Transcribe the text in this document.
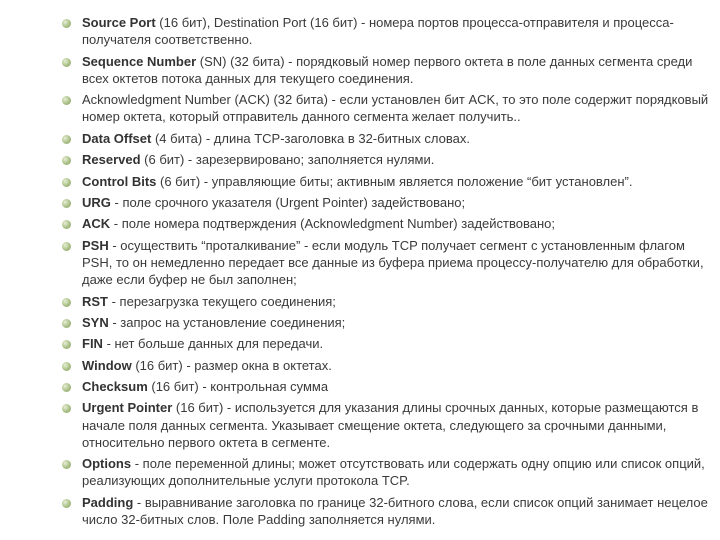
Source Port (16 бит), Destination Port (16 бит) - номера портов процесса-отправителя и процесса-получателя соответственно.
Sequence Number (SN) (32 бита) - порядковый номер первого октета в поле данных сегмента среди всех октетов потока данных для текущего соединения.
Acknowledgment Number (ACK) (32 бита) - если установлен бит ACK, то это поле содержит порядковый номер октета, который отправитель данного сегмента желает получить..
Data Offset (4 бита) - длина TCP-заголовка в 32-битных словах.
Reserved (6 бит) - зарезервировано; заполняется нулями.
Control Bits (6 бит) - управляющие биты; активным является положение “бит установлен”.
URG - поле срочного указателя (Urgent Pointer) задействовано;
ACK - поле номера подтверждения (Acknowledgment Number) задействовано;
PSH - осуществить “проталкивание” - если модуль TCP получает сегмент с установленным флагом PSH, то он немедленно передает все данные из буфера приема процессу-получателю для обработки, даже если буфер не был заполнен;
RST - перезагрузка текущего соединения;
SYN - запрос на установление соединения;
FIN - нет больше данных для передачи.
Window (16 бит) - размер окна в октетах.
Checksum (16 бит) - контрольная сумма
Urgent Pointer (16 бит) - используется для указания длины срочных данных, которые размещаются в начале поля данных сегмента. Указывает смещение октета, следующего за срочными данными, относительно первого октета в сегменте.
Options - поле переменной длины; может отсутствовать или содержать одну опцию или список опций, реализующих дополнительные услуги протокола TCP.
Padding - выравнивание заголовка по границе 32-битного слова, если список опций занимает нецелое число 32-битных слов. Поле Padding заполняется нулями.
